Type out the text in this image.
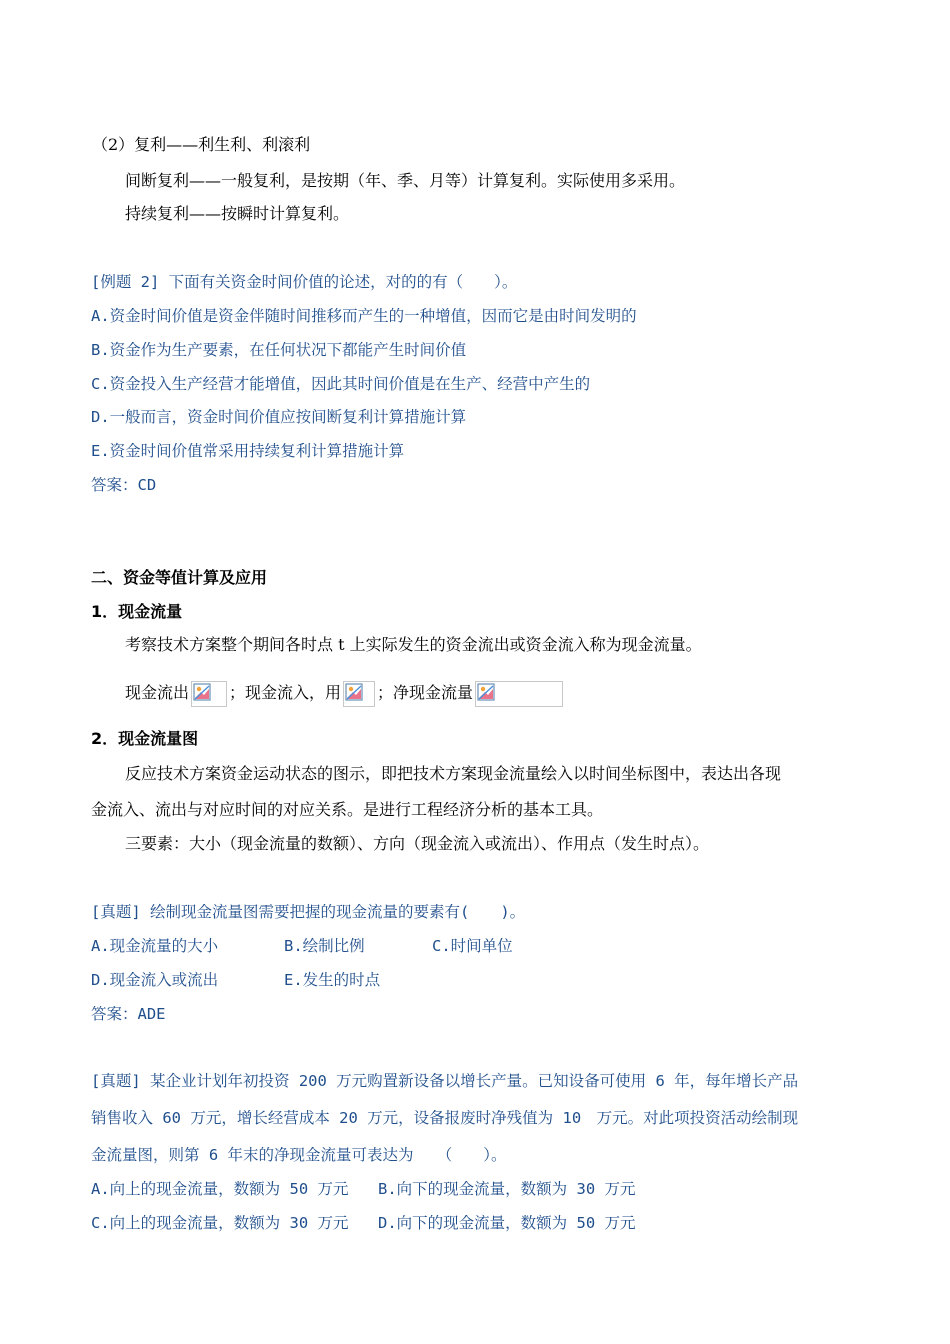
（2）复利——利生利、利滚利
间断复利——一般复利，是按期（年、季、月等）计算复利。实际使用多采用。
持续复利——按瞬时计算复利。
[例题 2] 下面有关资金时间价值的论述，对的的有（　　）。
A.资金时间价值是资金伴随时间推移而产生的一种增值，因而它是由时间发明的
B.资金作为生产要素，在任何状况下都能产生时间价值
C.资金投入生产经营才能增值，因此其时间价值是在生产、经营中产生的
D.一般而言，资金时间价值应按间断复利计算措施计算
E.资金时间价值常采用持续复利计算措施计算
答案：CD
二、资金等值计算及应用
1．现金流量
考察技术方案整个期间各时点 t 上实际发生的资金流出或资金流入称为现金流量。
现金流出	；现金流入，用 ；净现金流量
2．现金流量图
反应技术方案资金运动状态的图示，即把技术方案现金流量绘入以时间坐标图中，表达出各现
金流入、流出与对应时间的对应关系。是进行工程经济分析的基本工具。
三要素：大小（现金流量的数额）、方向（现金流入或流出）、作用点（发生时点）。
[真题] 绘制现金流量图需要把握的现金流量的要素有(　　)。
A.现金流量的大小	B.绘制比例	C.时间单位
D.现金流入或流出	E.发生的时点
答案：ADE
[真题] 某企业计划年初投资 200 万元购置新设备以增长产量。已知设备可使用 6 年，每年增长产品
销售收入 60 万元，增长经营成本 20 万元，设备报废时净残值为 10　万元。对此项投资活动绘制现
金流量图，则第 6 年末的净现金流量可表达为　　（　　）。
A.向上的现金流量，数额为 50 万元 B.向下的现金流量，数额为 30 万元
C.向上的现金流量，数额为 30 万元 D.向下的现金流量，数额为 50 万元
